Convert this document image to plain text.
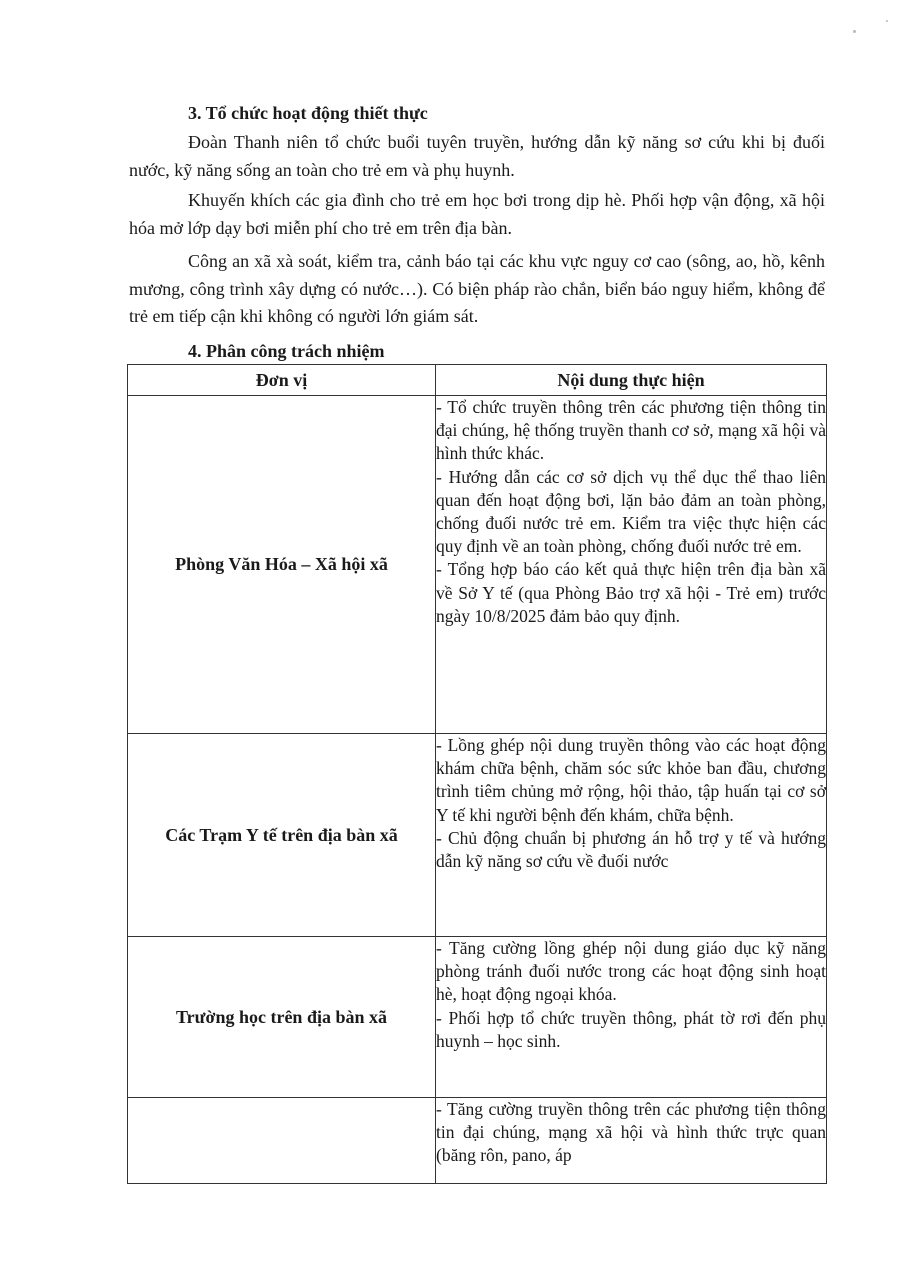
3. Tổ chức hoạt động thiết thực

Đoàn Thanh niên tổ chức buổi tuyên truyền, hướng dẫn kỹ năng sơ cứu khi bị đuối nước, kỹ năng sống an toàn cho trẻ em và phụ huynh.

Khuyến khích các gia đình cho trẻ em học bơi trong dịp hè. Phối hợp vận động, xã hội hóa mở lớp dạy bơi miễn phí cho trẻ em trên địa bàn.

Công an xã xà soát, kiểm tra, cảnh báo tại các khu vực nguy cơ cao (sông, ao, hồ, kênh mương, công trình xây dựng có nước…). Có biện pháp rào chắn, biển báo nguy hiểm, không để trẻ em tiếp cận khi không có người lớn giám sát.

4. Phân công trách nhiệm
Đơn vị	Nội dung thực hiện
Phòng Văn Hóa – Xã hội xã	- Tổ chức truyền thông trên các phương tiện thông tin đại chúng, hệ thống truyền thanh cơ sở, mạng xã hội và hình thức khác.
- Hướng dẫn các cơ sở dịch vụ thể dục thể thao liên quan đến hoạt động bơi, lặn bảo đảm an toàn phòng, chống đuối nước trẻ em. Kiểm tra việc thực hiện các quy định về an toàn phòng, chống đuối nước trẻ em.
- Tổng hợp báo cáo kết quả thực hiện trên địa bàn xã về Sở Y tế (qua Phòng Bảo trợ xã hội - Trẻ em) trước ngày 10/8/2025 đảm bảo quy định.

Các Trạm Y tế trên địa bàn xã	- Lồng ghép nội dung truyền thông vào các hoạt động khám chữa bệnh, chăm sóc sức khỏe ban đầu, chương trình tiêm chủng mở rộng, hội thảo, tập huấn tại cơ sở Y tế khi người bệnh đến khám, chữa bệnh.
- Chủ động chuẩn bị phương án hỗ trợ y tế và hướng dẫn kỹ năng sơ cứu về đuối nước

Trường học trên địa bàn xã	- Tăng cường lồng ghép nội dung giáo dục kỹ năng phòng tránh đuối nước trong các hoạt động sinh hoạt hè, hoạt động ngoại khóa.
- Phối hợp tổ chức truyền thông, phát tờ rơi đến phụ huynh – học sinh.

	- Tăng cường truyền thông trên các phương tiện thông tin đại chúng, mạng xã hội và hình thức trực quan (băng rôn, pano, áp
